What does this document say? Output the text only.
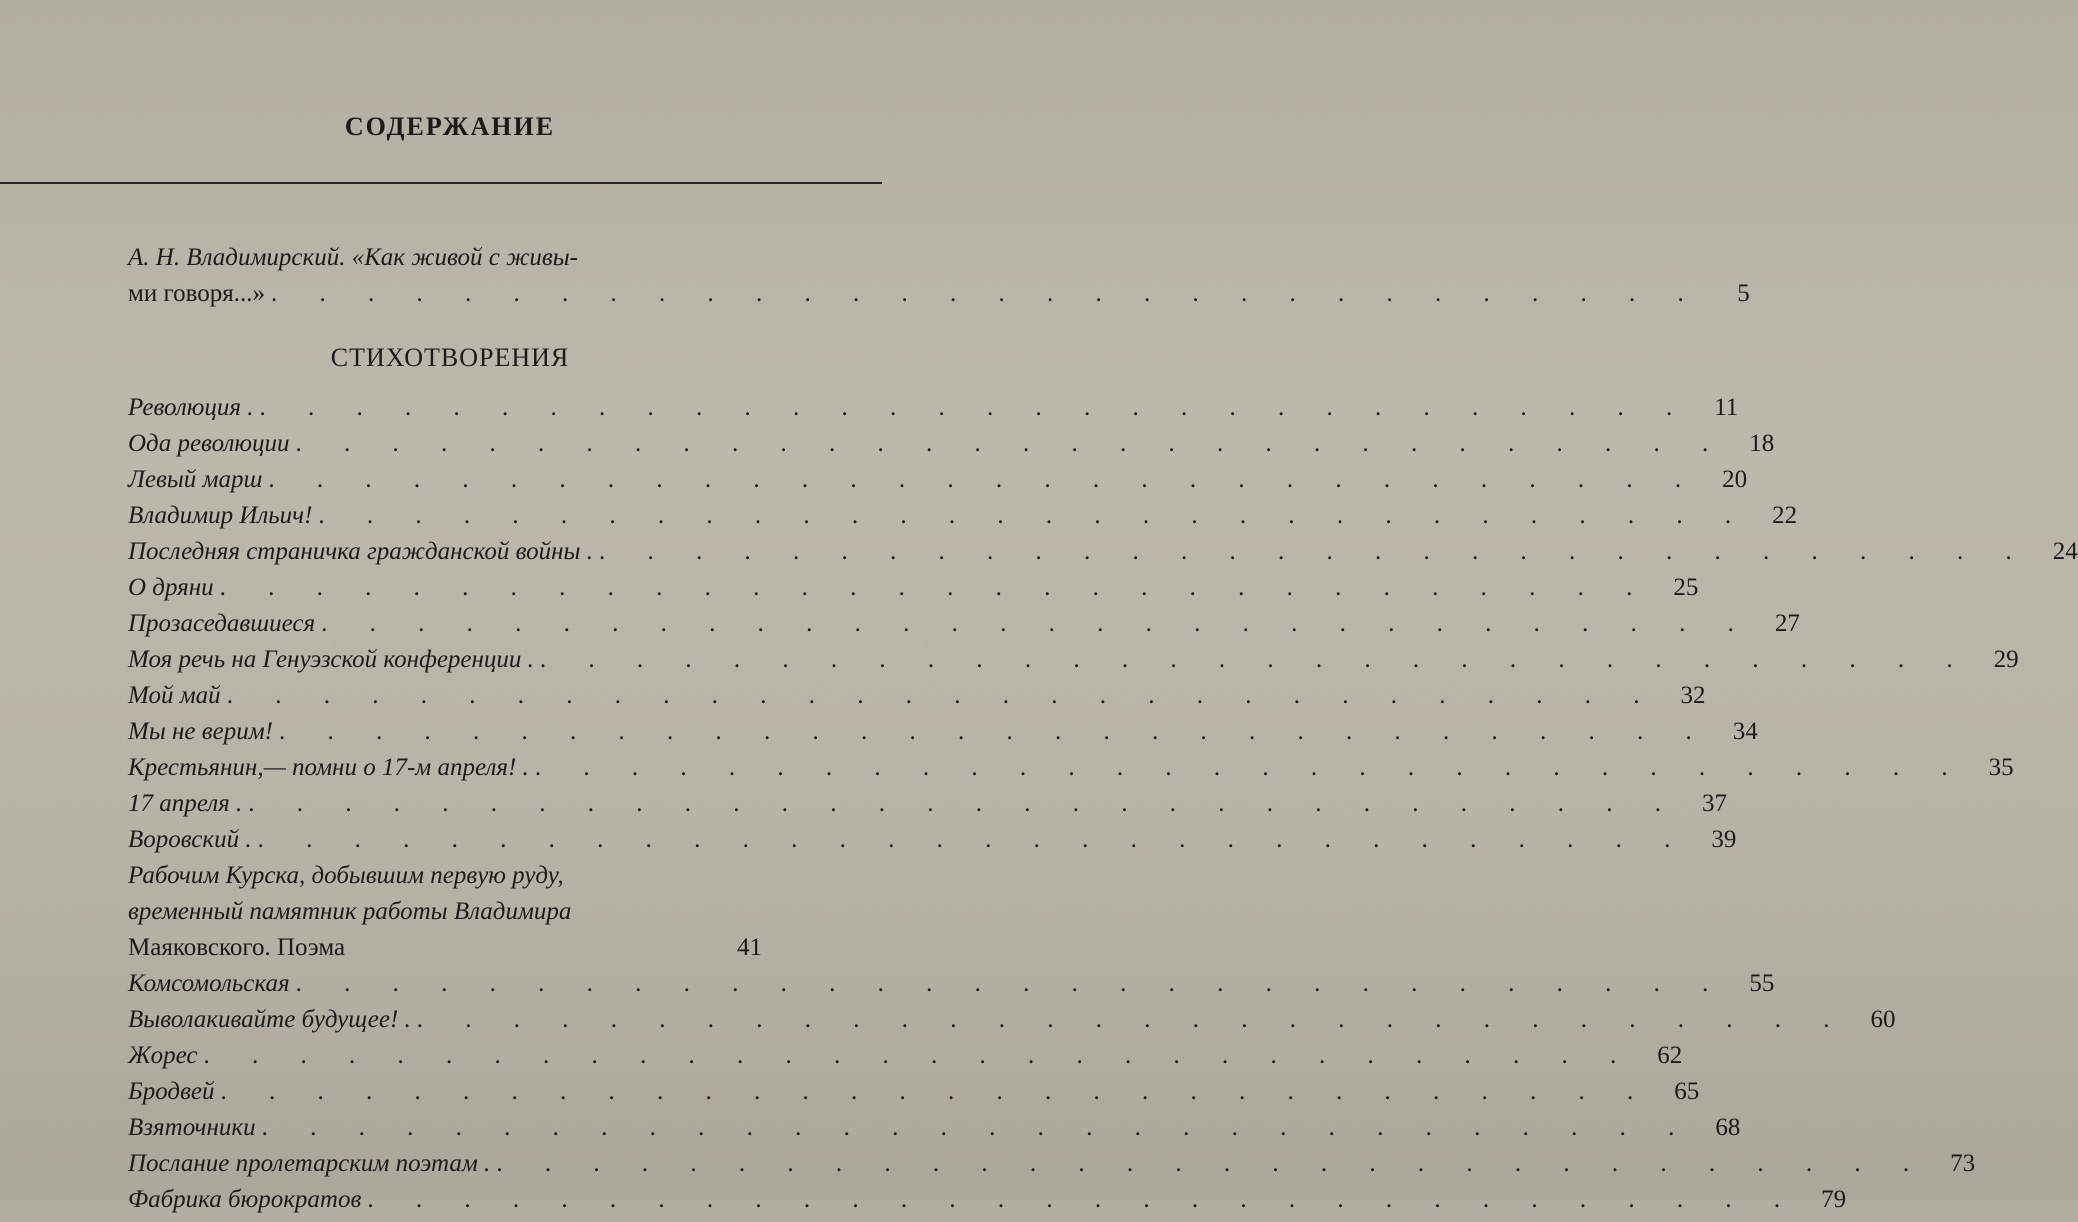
СОДЕРЖАНИЕ
А. Н. Владимирский. «Как живой с живы-
ми говоря...» . . . . . . . . . . . . . . . . . . . . . . . . . . . . . .	5
СТИХОТВОРЕНИЯ
Революция . . . . . . . . . . . . . . . . . . . . . . . . . . . . . . . 11
Ода революции . . . . . . . . . . . . . . . . . . . . . . . . . . . . . . 18
Левый марш . . . . . . . . . . . . . . . . . . . . . . . . . . . . . . 20
Владимир Ильич! . . . . . . . . . . . . . . . . . . . . . . . . . . . . . . 22
Последняя страничка гражданской войны . . . . . . . . . . . . . . . . . . . . . . . . . . . . . . . 24
О дряни . . . . . . . . . . . . . . . . . . . . . . . . . . . . . . 25
Прозаседавшиеся . . . . . . . . . . . . . . . . . . . . . . . . . . . . . . 27
Моя речь на Генуэзской конференции . . . . . . . . . . . . . . . . . . . . . . . . . . . . . . . 29
Мой май . . . . . . . . . . . . . . . . . . . . . . . . . . . . . . 32
Мы не верим! . . . . . . . . . . . . . . . . . . . . . . . . . . . . . . 34
Крестьянин,— помни о 17-м апреля! . . . . . . . . . . . . . . . . . . . . . . . . . . . . . . . 35
17 апреля . . . . . . . . . . . . . . . . . . . . . . . . . . . . . . . 37
Воровский . . . . . . . . . . . . . . . . . . . . . . . . . . . . . . . 39
Рабочим Курска, добывшим первую руду,
временный памятник работы Владимира
Маяковского. Поэма	41
Комсомольская . . . . . . . . . . . . . . . . . . . . . . . . . . . . . . 55
Выволакивайте будущее! . . . . . . . . . . . . . . . . . . . . . . . . . . . . . . . 60
Жорес . . . . . . . . . . . . . . . . . . . . . . . . . . . . . . 62
Бродвей . . . . . . . . . . . . . . . . . . . . . . . . . . . . . . 65
Взяточники . . . . . . . . . . . . . . . . . . . . . . . . . . . . . . 68
Послание пролетарским поэтам . . . . . . . . . . . . . . . . . . . . . . . . . . . . . . . 73
Фабрика бюрократов . . . . . . . . . . . . . . . . . . . . . . . . . . . . . . 79
